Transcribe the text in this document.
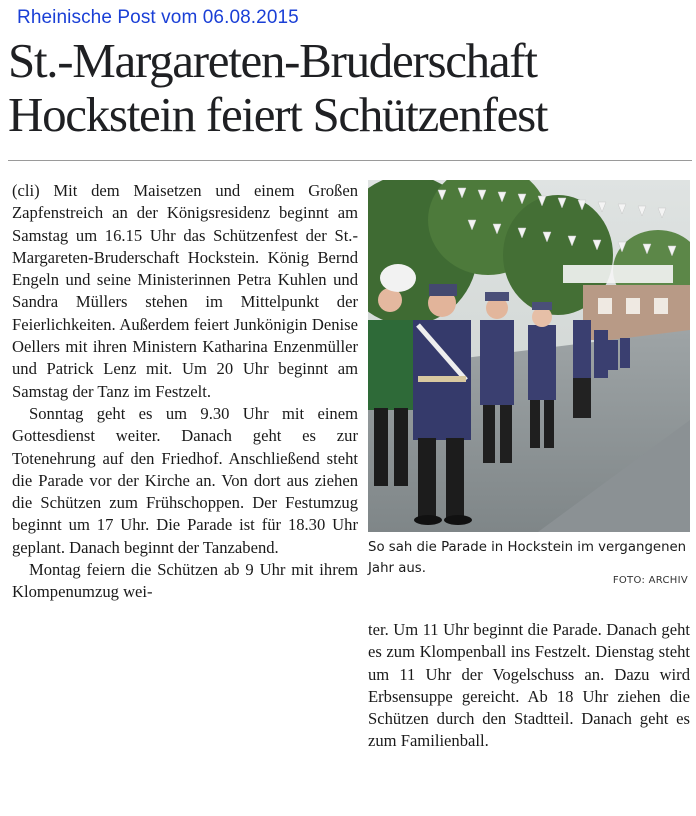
Rheinische Post vom 06.08.2015
St.-Margareten-Bruderschaft
Hockstein feiert Schützenfest

(cli) Mit dem Maisetzen und einem Großen Zapfenstreich an der Königsresidenz beginnt am Samstag um 16.15 Uhr das Schützenfest der St.-Margareten-Bruderschaft Hockstein. König Bernd Engeln und seine Ministerinnen Petra Kuhlen und Sandra Müllers stehen im Mittelpunkt der Feierlichkeiten. Außerdem feiert Junkönigin Denise Oellers mit ihren Ministern Katharina Enzenmüller und Patrick Lenz mit. Um 20 Uhr beginnt am Samstag der Tanz im Festzelt.

Sonntag geht es um 9.30 Uhr mit einem Gottesdienst weiter. Danach geht es zur Totenehrung auf den Friedhof. Anschließend steht die Parade vor der Kirche an. Von dort aus ziehen die Schützen zum Frühschoppen. Der Festumzug beginnt um 17 Uhr. Die Parade ist für 18.30 Uhr geplant. Danach beginnt der Tanzabend.

Montag feiern die Schützen ab 9 Uhr mit ihrem Klompenumzug wei-

So sah die Parade in Hockstein im vergangenen Jahr aus.

FOTO: ARCHIV

ter. Um 11 Uhr beginnt die Parade. Danach geht es zum Klompenball ins Festzelt. Dienstag steht um 11 Uhr der Vogelschuss an. Dazu wird Erbsensuppe gereicht. Ab 18 Uhr ziehen die Schützen durch den Stadtteil. Danach geht es zum Familienball.
